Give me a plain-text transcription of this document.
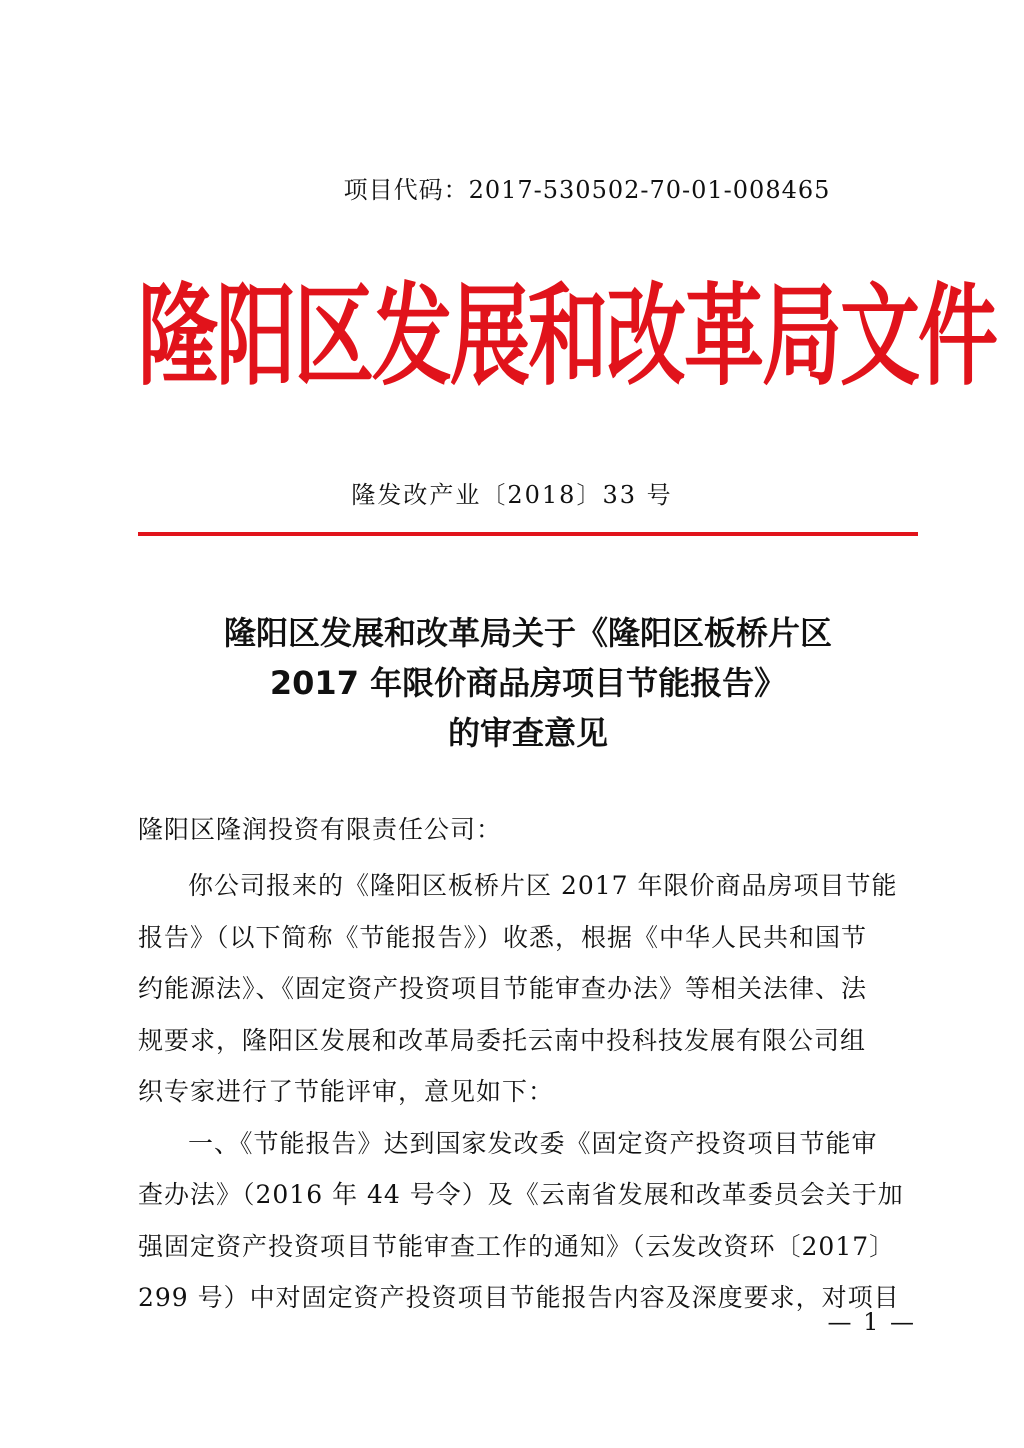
项目代码：2017-530502-70-01-008465
隆阳区发展和改革局文件
隆发改产业〔2018〕33 号
隆阳区发展和改革局关于《隆阳区板桥片区
2017 年限价商品房项目节能报告》
的审查意见
隆阳区隆润投资有限责任公司：
你公司报来的《隆阳区板桥片区 2017 年限价商品房项目节能
报告》（以下简称《节能报告》）收悉，根据《中华人民共和国节
约能源法》、《固定资产投资项目节能审查办法》等相关法律、法
规要求，隆阳区发展和改革局委托云南中投科技发展有限公司组
织专家进行了节能评审，意见如下：
一、《节能报告》达到国家发改委《固定资产投资项目节能审
查办法》（2016 年 44 号令）及《云南省发展和改革委员会关于加
强固定资产投资项目节能审查工作的通知》（云发改资环〔2017〕
299 号）中对固定资产投资项目节能报告内容及深度要求，对项目
— 1 —
